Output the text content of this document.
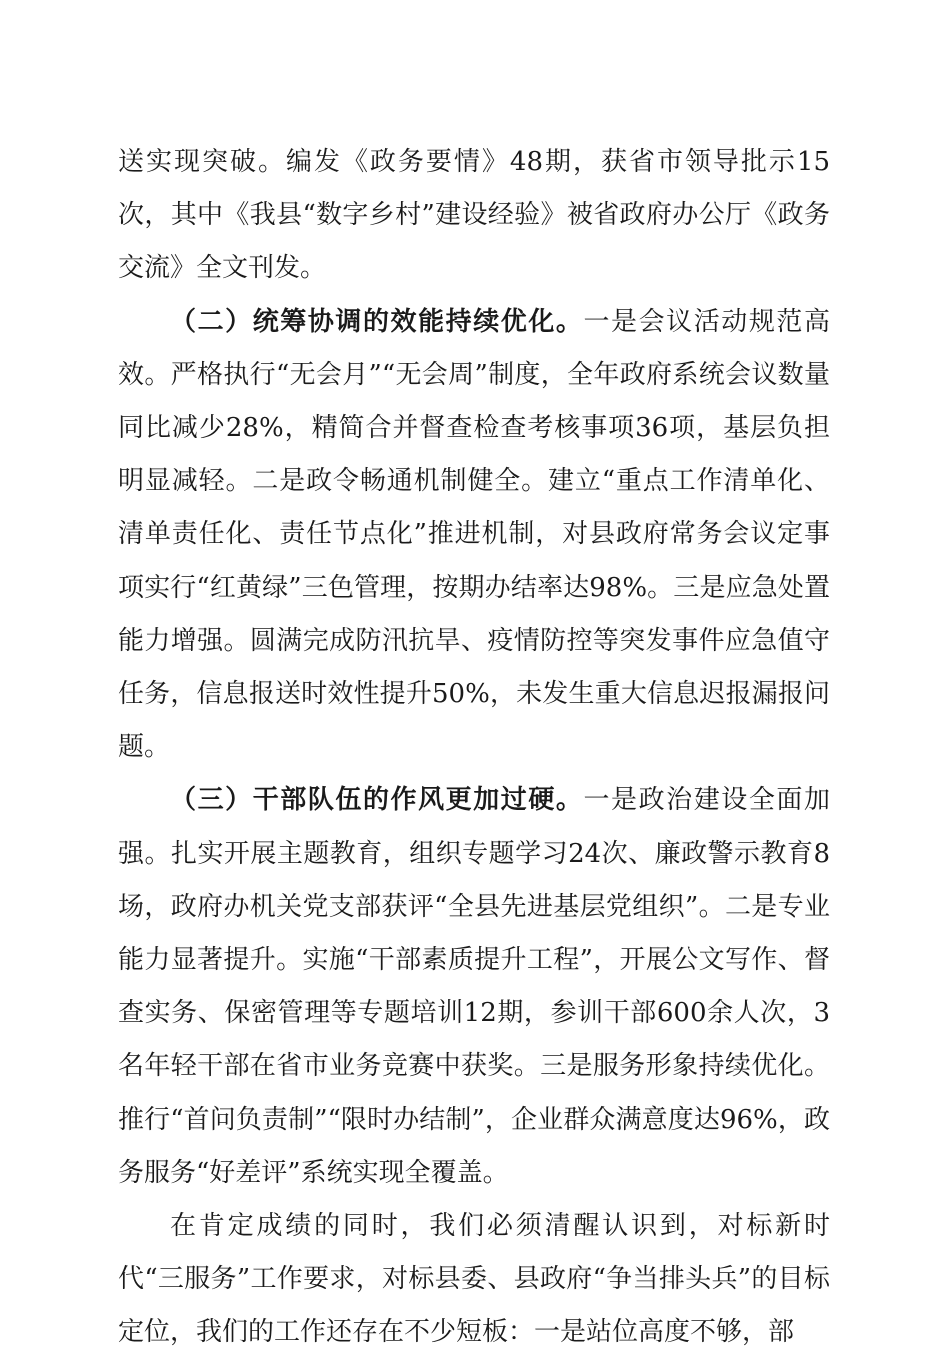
送实现突破。编发《政务要情》48期，获省市领导批示15次，其中《我县“数字乡村”建设经验》被省政府办公厅《政务交流》全文刊发。

（二）统筹协调的效能持续优化。一是会议活动规范高效。严格执行“无会月”“无会周”制度，全年政府系统会议数量同比减少28%，精简合并督查检查考核事项36项，基层负担明显减轻。二是政令畅通机制健全。建立“重点工作清单化、清单责任化、责任节点化”推进机制，对县政府常务会议定事项实行“红黄绿”三色管理，按期办结率达98%。三是应急处置能力增强。圆满完成防汛抗旱、疫情防控等突发事件应急值守任务，信息报送时效性提升50%，未发生重大信息迟报漏报问题。

（三）干部队伍的作风更加过硬。一是政治建设全面加强。扎实开展主题教育，组织专题学习24次、廉政警示教育8场，政府办机关党支部获评“全县先进基层党组织”。二是专业能力显著提升。实施“干部素质提升工程”，开展公文写作、督查实务、保密管理等专题培训12期，参训干部600余人次，3名年轻干部在省市业务竞赛中获奖。三是服务形象持续优化。推行“首问负责制”“限时办结制”，企业群众满意度达96%，政务服务“好差评”系统实现全覆盖。

在肯定成绩的同时，我们必须清醒认识到，对标新时代“三服务”工作要求，对标县委、县政府“争当排头兵”的目标定位，我们的工作还存在不少短板：一是站位高度不够，部
